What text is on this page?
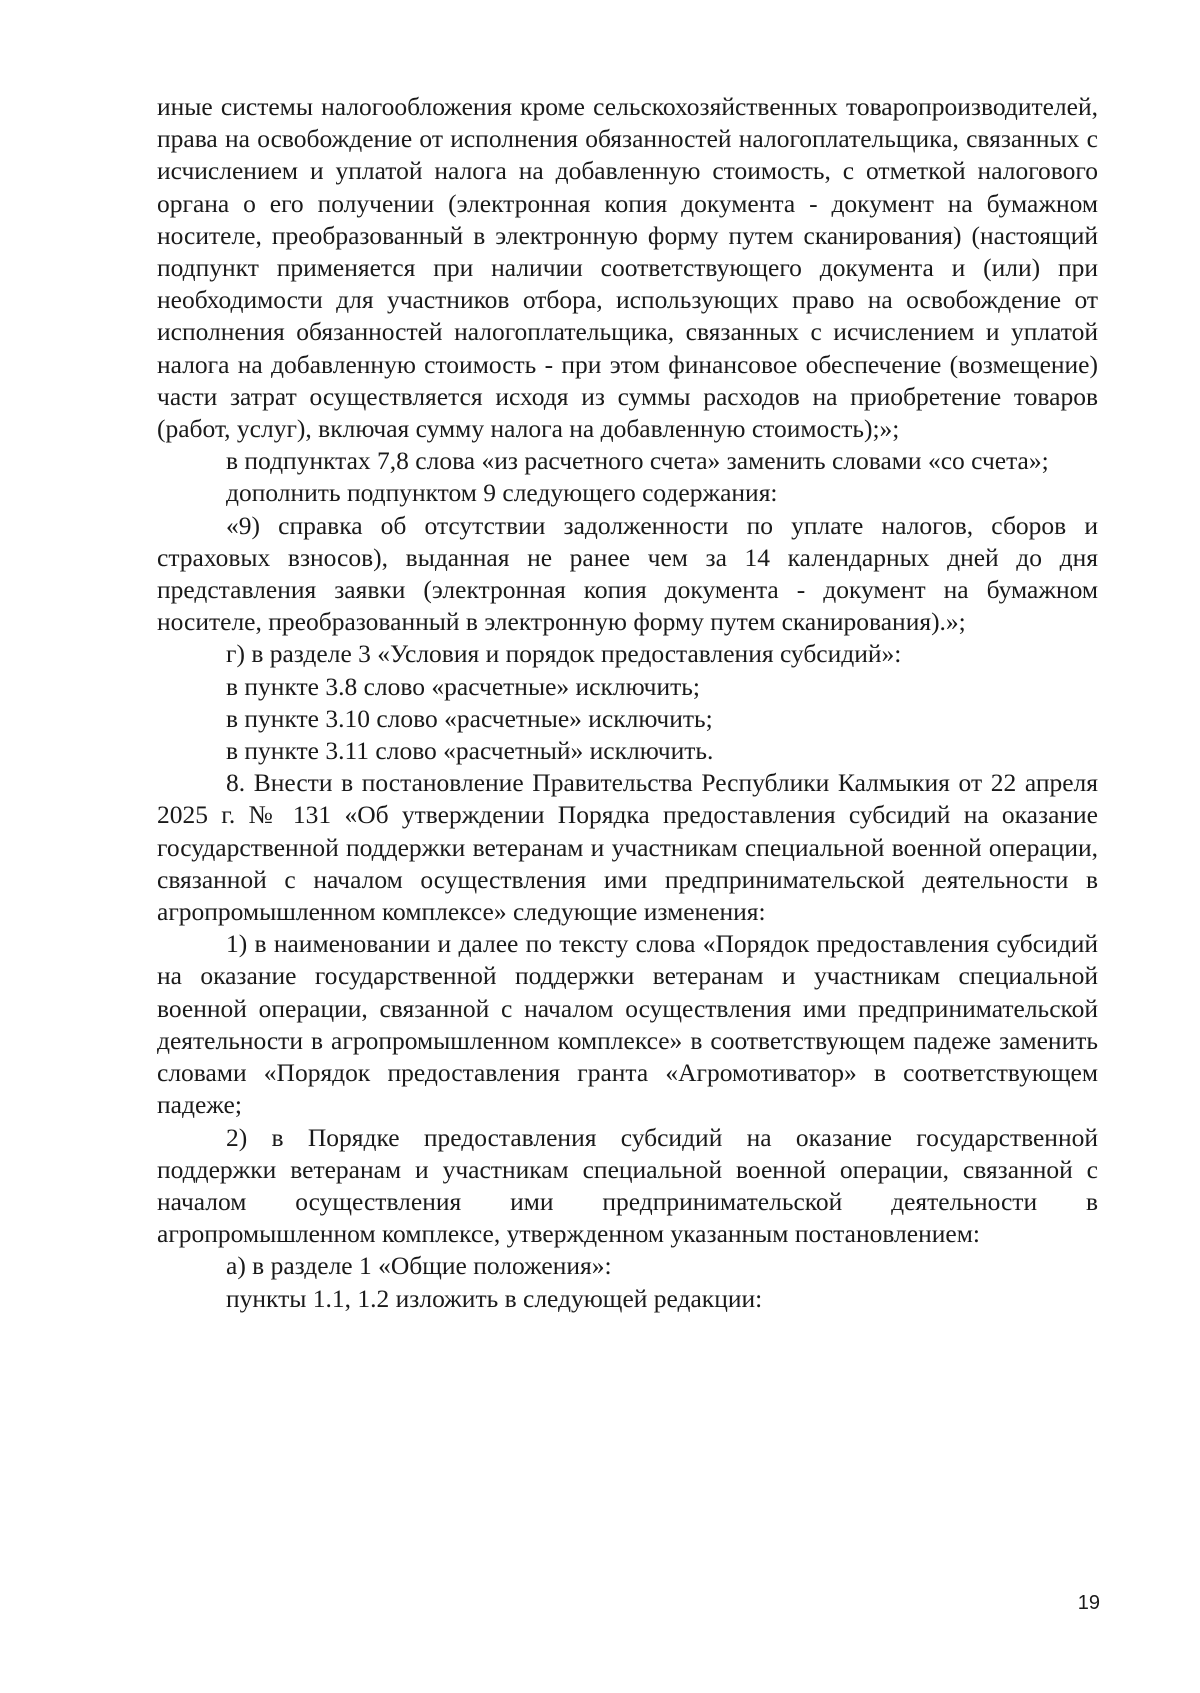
иные системы налогообложения кроме сельскохозяйственных товаропроизводителей, права на освобождение от исполнения обязанностей налогоплательщика, связанных с исчислением и уплатой налога на добавленную стоимость, с отметкой налогового органа о его получении (электронная копия документа - документ на бумажном носителе, преобразованный в электронную форму путем сканирования) (настоящий подпункт применяется при наличии соответствующего документа и (или) при необходимости для участников отбора, использующих право на освобождение от исполнения обязанностей налогоплательщика, связанных с исчислением и уплатой налога на добавленную стоимость - при этом финансовое обеспечение (возмещение) части затрат осуществляется исходя из суммы расходов на приобретение товаров (работ, услуг), включая сумму налога на добавленную стоимость);»;

в подпунктах 7,8 слова «из расчетного счета» заменить словами «со счета»;

дополнить подпунктом 9 следующего содержания:

«9) справка об отсутствии задолженности по уплате налогов, сборов и страховых взносов), выданная не ранее чем за 14 календарных дней до дня представления заявки (электронная копия документа - документ на бумажном носителе, преобразованный в электронную форму путем сканирования).»;

г) в разделе 3 «Условия и порядок предоставления субсидий»:

в пункте 3.8 слово «расчетные» исключить;

в пункте 3.10 слово «расчетные» исключить;

в пункте 3.11 слово «расчетный» исключить.

8. Внести в постановление Правительства Республики Калмыкия от 22 апреля 2025 г. № 131 «Об утверждении Порядка предоставления субсидий на оказание государственной поддержки ветеранам и участникам специальной военной операции, связанной с началом осуществления ими предпринимательской деятельности в агропромышленном комплексе» следующие изменения:

1) в наименовании и далее по тексту слова «Порядок предоставления субсидий на оказание государственной поддержки ветеранам и участникам специальной военной операции, связанной с началом осуществления ими предпринимательской деятельности в агропромышленном комплексе» в соответствующем падеже заменить словами «Порядок предоставления гранта «Агромотиватор» в соответствующем падеже;

2) в Порядке предоставления субсидий на оказание государственной поддержки ветеранам и участникам специальной военной операции, связанной с началом осуществления ими предпринимательской деятельности в агропромышленном комплексе, утвержденном указанным постановлением:

а) в разделе 1 «Общие положения»:

пункты 1.1, 1.2 изложить в следующей редакции:

19
